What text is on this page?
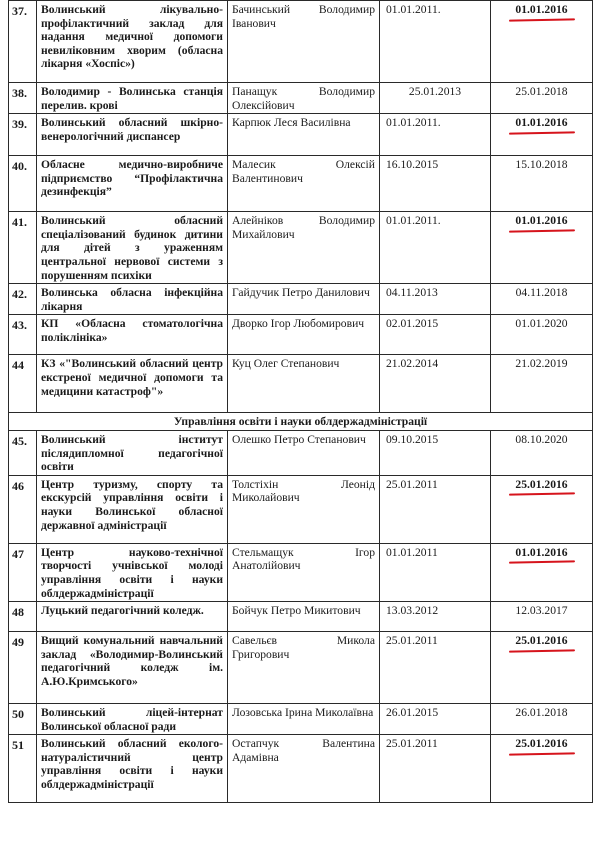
37.	Волинський лікувально-профілактичний заклад для надання медичної допомоги невиліковним хворим (обласна лікарня «Хоспіс»)	Бачинський Володимир Іванович	01.01.2011.	01.01.2016
38.	Володимир - Волинська станція перелив. крові	Панащук Володимир Олексійович	25.01.2013	25.01.2018
39.	Волинський обласний шкірно-венерологічний диспансер	Карпюк Леся Василівна	01.01.2011.	01.01.2016
40.	Обласне медично-виробниче підприємство “Профілактична дезинфекція”	Малесик Олексій Валентинович	16.10.2015	15.10.2018
41.	Волинський обласний спеціалізований будинок дитини для дітей з ураженням центральної нервової системи з порушенням психіки	Алейніков Володимир Михайлович	01.01.2011.	01.01.2016
42.	Волинська обласна інфекційна лікарня	Гайдучик Петро Данилович	04.11.2013	04.11.2018
43.	КП «Обласна стоматологічна поліклініка»	Дворко Ігор Любомирович	02.01.2015	01.01.2020
44	КЗ «"Волинський обласний центр екстреної медичної допомоги та медицини катастроф"»	Куц Олег Степанович	21.02.2014	21.02.2019
Управління освіти і науки облдержадміністрації				
45.	Волинський інститут післядипломної педагогічної освіти	Олешко Петро Степанович	09.10.2015	08.10.2020
46	Центр туризму, спорту та екскурсій управління освіти і науки Волинської обласної державної адміністрації	Толстіхін Леонід Миколайович	25.01.2011	25.01.2016
47	Центр науково-технічної творчості учнівської молоді управління освіти і науки облдержадміністрації	Стельмащук Ігор Анатолійович	01.01.2011	01.01.2016
48	Луцький педагогічний коледж.	Бойчук Петро Микитович	13.03.2012	12.03.2017
49	Вищий комунальний навчальний заклад «Володимир-Волинський педагогічний коледж ім. А.Ю.Кримського»	Савельєв Микола Григорович	25.01.2011	25.01.2016
50	Волинський ліцей-інтернат Волинської обласної ради	Лозовська Ірина Миколаївна	26.01.2015	26.01.2018
51	Волинський обласний еколого-натуралістичний центр управління освіти і науки облдержадміністрації	Остапчук Валентина Адамівна	25.01.2011	25.01.2016
